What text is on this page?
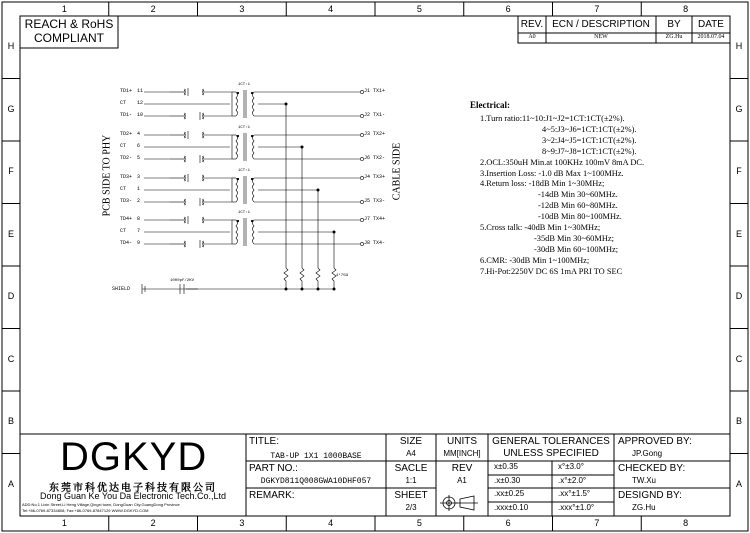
1	2	3	4	5	6	7	8
1	2	3	4	5	6	7	8
H
G
F
E
D
C
B
A
H
G
F
E
D
C
B
A
REACH & RoHS
COMPLIANT
REV. ECN / DESCRIPTION	BY	DATE
A0	NEW	ZG.Hu	2018.07.04
PCB SIDE TO PHY	CABLE SIDE
TD1+ 11
CT 12
TD1- 10
TD2+ 4
CT 6
TD2- 5
TD3+ 3
CT 1
TD3- 2
TD4+ 8
CT 7
TD4- 9
J1 TX1+
J2 TX1-
J3 TX2+
J6 TX2-
J4 TX3+
J5 TX3-
J7 TX4+
J8 TX4-
1CT:1
1CT:1
1CT:1
1CT:1
SHIELD
1000pF/2KV
4*75Ω
Electrical:
1.Turn ratio:11~10:J1~J2=1CT:1CT(±2%).
4~5:J3~J6=1CT:1CT(±2%).
3~2:J4~J5=1CT:1CT(±2%).
8~9:J7~J8=1CT:1CT(±2%).
2.OCL:350uH Min.at 100KHz 100mV 8mA DC.
3.Insertion Loss: -1.0 dB Max 1~100MHz.
4.Return loss: -18dB Min 1~30MHz;
-14dB Min 30~60MHz.
-12dB Min 60~80MHz.
-10dB Min 80~100MHz.
5.Cross talk: -40dB Min 1~30MHz;
-35dB Min 30~60MHz;
-30dB Min 60~100MHz;
6.CMR: -30dB Min 1~100MHz;
7.Hi-Pot:2250V DC 6S 1mA PRI TO SEC
DGKYD
东莞市科优达电子科技有限公司
Dong Guan Ke You Da Electronic Tech.Co.,Ltd
ADD:No.1 Lixin Street,Li Heng Village,Qingxi town, DongGuan City,GuangDong Province
Tel:+86-0769-87334808; Fax:+86-0769-87847129 WWW.DGKYD.COM
TITLE:
TAB-UP 1X1 1000BASE
PART NO.:
DGKYD811Q008GWA10DHF057
REMARK:
SIZE
A4
SACLE
1:1
SHEET
2/3
UNITS
MM[INCH]
REV
A1
GENERAL TOLERANCES
UNLESS SPECIFIED
x±0.35	x°±3.0°
.x±0.30	.x°±2.0°
.xx±0.25	.xx°±1.5°
.xxx±0.10	.xxx°±1.0°
APPROVED BY:
JP.Gong
CHECKED BY:
TW.Xu
DESIGND BY:
ZG.Hu
